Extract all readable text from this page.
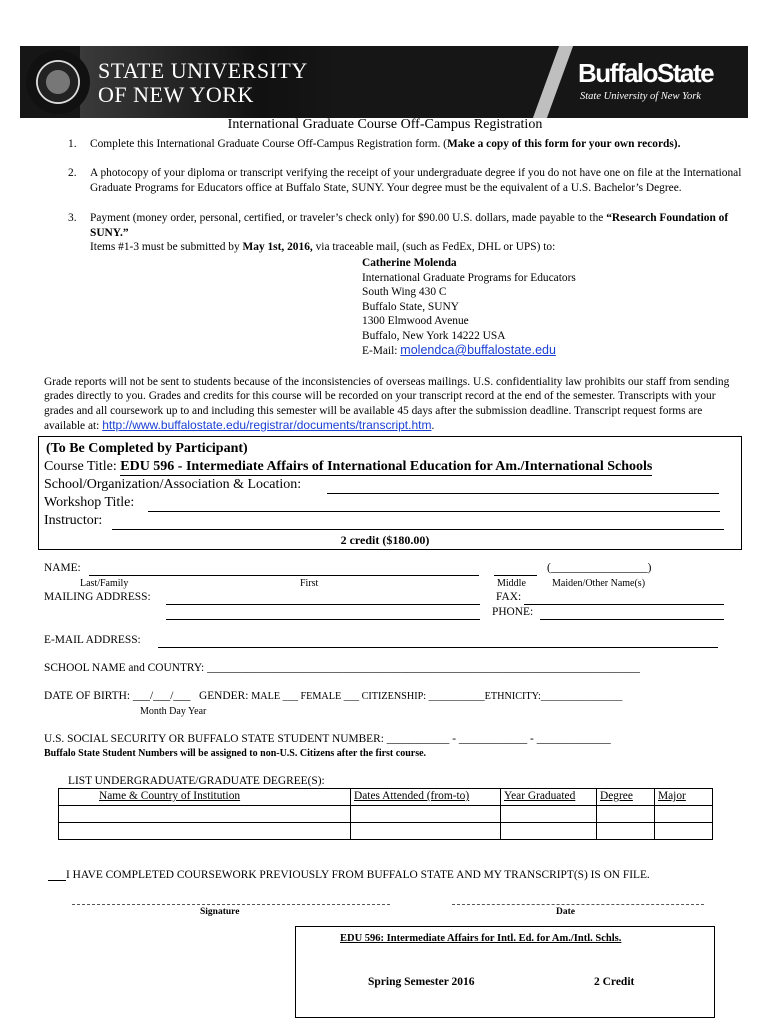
STATE UNIVERSITY
OF NEW YORK
BuffaloState
State University of New York
International Graduate Course Off-Campus Registration
1. Complete this International Graduate Course Off-Campus Registration form. (Make a copy of this form for your own records).
2. A photocopy of your diploma or transcript verifying the receipt of your undergraduate degree if you do not have one on file at the International Graduate Programs for Educators office at Buffalo State, SUNY. Your degree must be the equivalent of a U.S. Bachelor’s Degree.
3. Payment (money order, personal, certified, or traveler’s check only) for $90.00 U.S. dollars, made payable to the “Research Foundation of SUNY.”
Items #1-3 must be submitted by May 1st, 2016, via traceable mail, (such as FedEx, DHL or UPS) to:
Catherine Molenda
International Graduate Programs for Educators
South Wing 430 C
Buffalo State, SUNY
1300 Elmwood Avenue
Buffalo, New York 14222 USA
E-Mail: molendca@buffalostate.edu
Grade reports will not be sent to students because of the inconsistencies of overseas mailings. U.S. confidentiality law prohibits our staff from sending grades directly to you. Grades and credits for this course will be recorded on your transcript record at the end of the semester. Transcripts with your grades and all coursework up to and including this semester will be available 45 days after the submission deadline. Transcript request forms are available at: http://www.buffalostate.edu/registrar/documents/transcript.htm.
(To Be Completed by Participant)
Course Title: EDU 596 - Intermediate Affairs of International Education for Am./International Schools
School/Organization/Association & Location:
Workshop Title:
Instructor:
2 credit ($180.00)
NAME:	(_________________)
Last/Family	First	Middle	Maiden/Other Name(s)
MAILING ADDRESS:	FAX:
PHONE:
E-MAIL ADDRESS:
SCHOOL NAME and COUNTRY: ____________________________________________________________________________
DATE OF BIRTH: ___/___/___ GENDER: MALE ___ FEMALE ___ CITIZENSHIP: ___________ETHNICITY:________________
Month Day Year
U.S. SOCIAL SECURITY OR BUFFALO STATE STUDENT NUMBER: ___________ - ____________ - _____________
Buffalo State Student Numbers will be assigned to non-U.S. Citizens after the first course.
LIST UNDERGRADUATE/GRADUATE DEGREE(S):
Name & Country of Institution	Dates Attended (from-to)	Year Graduated	Degree	Major

I HAVE COMPLETED COURSEWORK PREVIOUSLY FROM BUFFALO STATE AND MY TRANSCRIPT(S) IS ON FILE.
Signature	Date
EDU 596: Intermediate Affairs for Intl. Ed. for Am./Intl. Schls.
Spring Semester 2016	2 Credit
